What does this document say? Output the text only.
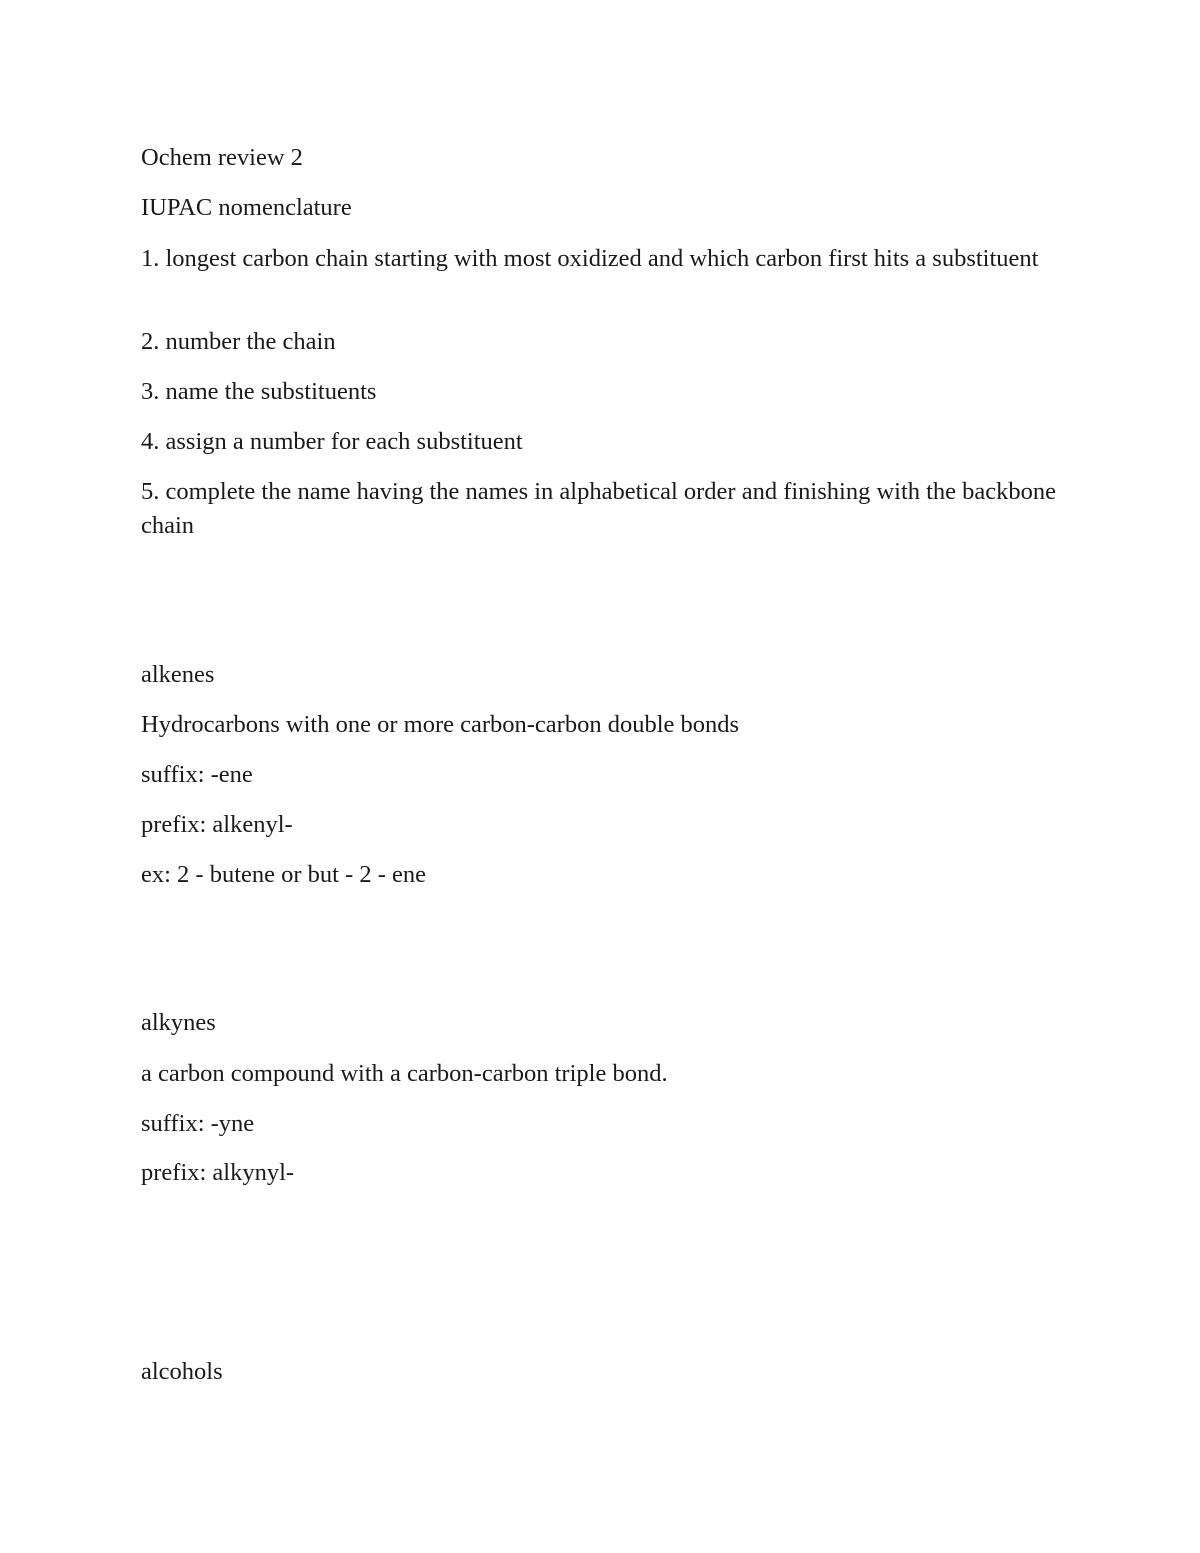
Ochem review 2

IUPAC nomenclature

1. longest carbon chain starting with most oxidized and which carbon first hits a substituent

2. number the chain

3. name the substituents

4. assign a number for each substituent

5. complete the name having the names in alphabetical order and finishing with the backbone chain

alkenes

Hydrocarbons with one or more carbon-carbon double bonds

suffix: -ene

prefix: alkenyl-

ex: 2 - butene or but - 2 - ene

alkynes

a carbon compound with a carbon-carbon triple bond.

suffix: -yne

prefix: alkynyl-

alcohols
